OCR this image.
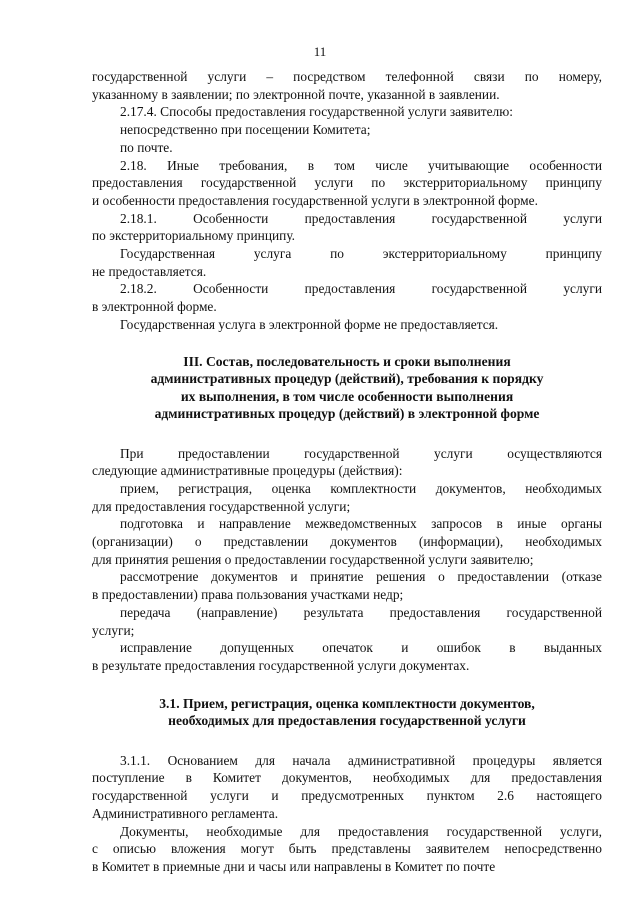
11

государственной услуги – посредством телефонной связи по номеру,

указанному в заявлении; по электронной почте, указанной в заявлении.

2.17.4. Способы предоставления государственной услуги заявителю:

непосредственно при посещении Комитета;

по почте.

2.18. Иные требования, в том числе учитывающие особенности

предоставления государственной услуги по экстерриториальному принципу

и особенности предоставления государственной услуги в электронной форме.

2.18.1. Особенности предоставления государственной услуги

по экстерриториальному принципу.

Государственная услуга по экстерриториальному принципу

не предоставляется.

2.18.2. Особенности предоставления государственной услуги

в электронной форме.

Государственная услуга в электронной форме не предоставляется.

III. Состав, последовательность и сроки выполнения
административных процедур (действий), требования к порядку
их выполнения, в том числе особенности выполнения
административных процедур (действий) в электронной форме

При предоставлении государственной услуги осуществляются

следующие административные процедуры (действия):

прием, регистрация, оценка комплектности документов, необходимых

для предоставления государственной услуги;

подготовка и направление межведомственных запросов в иные органы

(организации) о представлении документов (информации), необходимых

для принятия решения о предоставлении государственной услуги заявителю;

рассмотрение документов и принятие решения о предоставлении (отказе

в предоставлении) права пользования участками недр;

передача (направление) результата предоставления государственной

услуги;

исправление допущенных опечаток и ошибок в выданных

в результате предоставления государственной услуги документах.

3.1. Прием, регистрация, оценка комплектности документов,
необходимых для предоставления государственной услуги

3.1.1. Основанием для начала административной процедуры является

поступление в Комитет документов, необходимых для предоставления

государственной услуги и предусмотренных пунктом 2.6 настоящего

Административного регламента.

Документы, необходимые для предоставления государственной услуги,

с описью вложения могут быть представлены заявителем непосредственно

в Комитет в приемные дни и часы или направлены в Комитет по почте
